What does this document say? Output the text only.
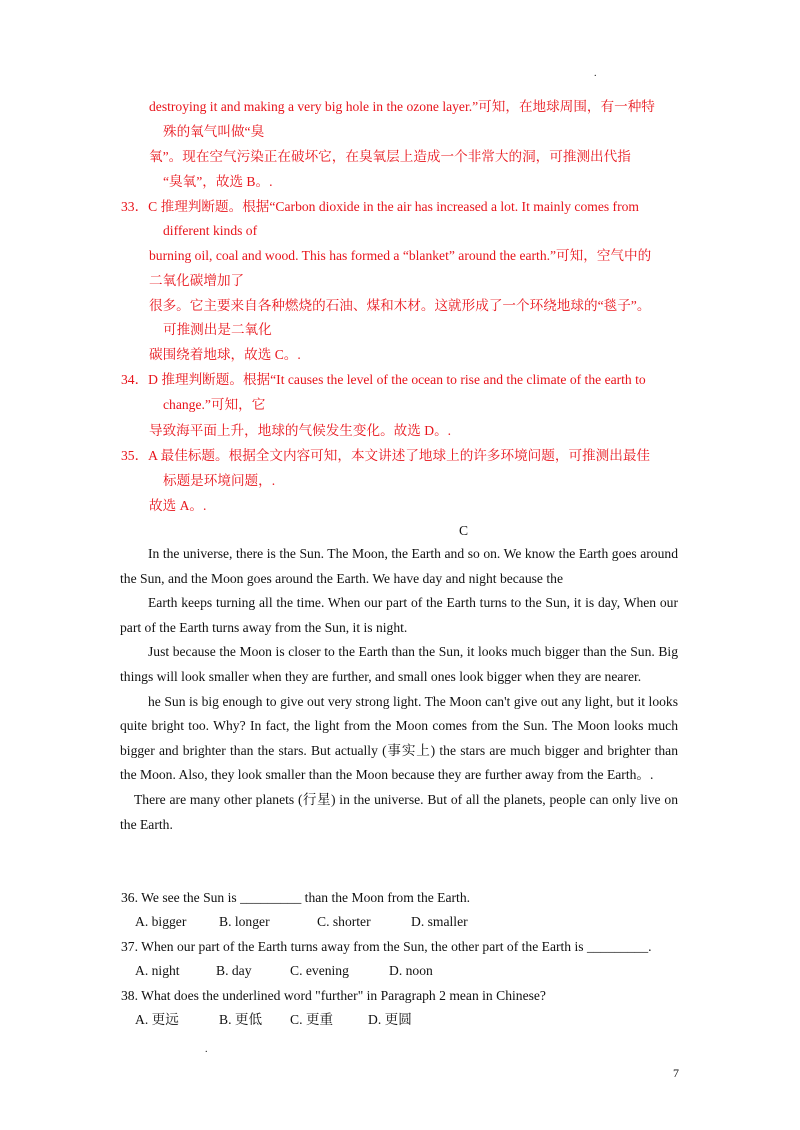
.
.
destroying it and making a very big hole in the ozone layer.”可知，在地球周围，有一种特
殊的氧气叫做“臭
氧”。现在空气污染正在破坏它，在臭氧层上造成一个非常大的洞，可推测出代指
“臭氧”，故选 B。.
33．C 推理判断题。根据“Carbon dioxide in the air has increased a lot. It mainly comes from
different kinds of
burning oil, coal and wood. This has formed a “blanket” around the earth.”可知，空气中的
二氧化碳增加了
很多。它主要来自各种燃烧的石油、煤和木材。这就形成了一个环绕地球的“毯子”。
可推测出是二氧化
碳围绕着地球，故选 C。.
34．D 推理判断题。根据“It causes the level of the ocean to rise and the climate of the earth to
change.”可知，它
导致海平面上升，地球的气候发生变化。故选 D。.
35．A 最佳标题。根据全文内容可知，本文讲述了地球上的许多环境问题，可推测出最佳
标题是环境问题，.
故选 A。.
C

In the universe, there is the Sun. The Moon, the Earth and so on. We know the Earth goes around the Sun, and the Moon goes around the Earth. We have day and night because the

Earth keeps turning all the time. When our part of the Earth turns to the Sun, it is day, When our part of the Earth turns away from the Sun, it is night.

Just because the Moon is closer to the Earth than the Sun, it looks much bigger than the Sun. Big things will look smaller when they are further, and small ones look bigger when they are nearer.

he Sun is big enough to give out very strong light. The Moon can't give out any light, but it looks quite bright too. Why? In fact, the light from the Moon comes from the Sun. The Moon looks much bigger and brighter than the stars. But actually (事实上) the stars are much bigger and brighter than the Moon. Also, they look smaller than the Moon because they are further away from the Earth。.

There are many other planets (行星) in the universe. But of all the planets, people can only live on the Earth.

36. We see the Sun is _________ than the Moon from the Earth.
A. bigger B. longer	C. shorter	D. smaller
37. When our part of the Earth turns away from the Sun, the other part of the Earth is _________.
A. night	B. day	C. evening	D. noon
38. What does the underlined word "further" in Paragraph 2 mean in Chinese?
A. 更远	B. 更低 C. 更重	D. 更圆
7
